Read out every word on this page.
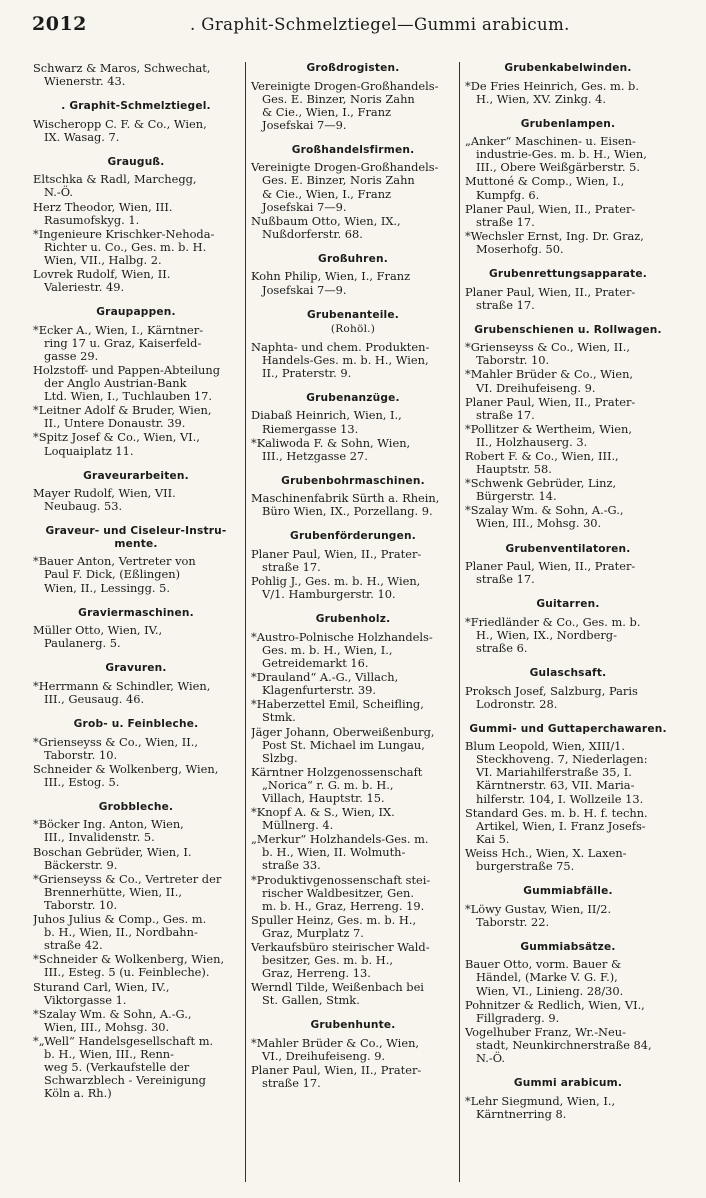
2012	. Graphit-Schmelztiegel—Gummi arabicum.
Schwarz & Maros, Schwechat,
Wienerstr. 43.
. Graphit-Schmelztiegel.
Wischeropp C. F. & Co., Wien,
IX. Wasag. 7.
Grauguß.
Eltschka & Radl, Marchegg,
N.-Ö.
Herz Theodor, Wien, III.
Rasumofskyg. 1.
*Ingenieure Krischker-Nehoda-
Richter u. Co., Ges. m. b. H.
Wien, VII., Halbg. 2.
Lovrek Rudolf, Wien, II.
Valeriestr. 49.
Graupappen.
*Ecker A., Wien, I., Kärntner-
ring 17 u. Graz, Kaiserfeld-
gasse 29.
Holzstoff- und Pappen-Abteilung
der Anglo Austrian-Bank
Ltd. Wien, I., Tuchlauben 17.
*Leitner Adolf & Bruder, Wien,
II., Untere Donaustr. 39.
*Spitz Josef & Co., Wien, VI.,
Loquaiplatz 11.
Graveurarbeiten.
Mayer Rudolf, Wien, VII.
Neubaug. 53.
Graveur- und Ciseleur-Instru-mente.
*Bauer Anton, Vertreter von
Paul F. Dick, (Eßlingen)
Wien, II., Lessingg. 5.
Graviermaschinen.
Müller Otto, Wien, IV.,
Paulanerg. 5.
Gravuren.
*Herrmann & Schindler, Wien,
III., Geusaug. 46.
Grob- u. Feinbleche.
*Grienseyss & Co., Wien, II.,
Taborstr. 10.
Schneider & Wolkenberg, Wien,
III., Estog. 5.
Grobbleche.
*Böcker Ing. Anton, Wien,
III., Invalidenstr. 5.
Boschan Gebrüder, Wien, I.
Bäckerstr. 9.
*Grienseyss & Co., Vertreter der
Brennerhütte, Wien, II.,
Taborstr. 10.
Juhos Julius & Comp., Ges. m.
b. H., Wien, II., Nordbahn-
straße 42.
*Schneider & Wolkenberg, Wien,
III., Esteg. 5 (u. Feinbleche).
Sturand Carl, Wien, IV.,
Viktorgasse 1.
*Szalay Wm. & Sohn, A.-G.,
Wien, III., Mohsg. 30.
*„Well“ Handelsgesellschaft m.
b. H., Wien, III., Renn-
weg 5. (Verkaufstelle der
Schwarzblech - Vereinigung
Köln a. Rh.)
Großdrogisten.
Vereinigte Drogen-Großhandels-
Ges. E. Binzer, Noris Zahn
& Cie., Wien, I., Franz
Josefskai 7—9.
Großhandelsfirmen.
Vereinigte Drogen-Großhandels-
Ges. E. Binzer, Noris Zahn
& Cie., Wien, I., Franz
Josefskai 7—9.
Nußbaum Otto, Wien, IX.,
Nußdorferstr. 68.
Großuhren.
Kohn Philip, Wien, I., Franz
Josefskai 7—9.
Grubenanteile.
(Rohöl.)
Naphta- und chem. Produkten-
Handels-Ges. m. b. H., Wien,
II., Praterstr. 9.
Grubenanzüge.
Diabaß Heinrich, Wien, I.,
Riemergasse 13.
*Kaliwoda F. & Sohn, Wien,
III., Hetzgasse 27.
Grubenbohrmaschinen.
Maschinenfabrik Sürth a. Rhein,
Büro Wien, IX., Porzellang. 9.
Grubenförderungen.
Planer Paul, Wien, II., Prater-
straße 17.
Pohlig J., Ges. m. b. H., Wien,
V/1. Hamburgerstr. 10.
Grubenholz.
*Austro-Polnische Holzhandels-
Ges. m. b. H., Wien, I.,
Getreidemarkt 16.
*Drauland“ A.-G., Villach,
Klagenfurterstr. 39.
*Haberzettel Emil, Scheifling,
Stmk.
Jäger Johann, Oberweißenburg,
Post St. Michael im Lungau,
Slzbg.
Kärntner Holzgenossenschaft
„Norica“ r. G. m. b. H.,
Villach, Hauptstr. 15.
*Knopf A. & S., Wien, IX.
Müllnerg. 4.
„Merkur“ Holzhandels-Ges. m.
b. H., Wien, II. Wolmuth-
straße 33.
*Produktivgenossenschaft stei-
rischer Waldbesitzer, Gen.
m. b. H., Graz, Herreng. 19.
Spuller Heinz, Ges. m. b. H.,
Graz, Murplatz 7.
Verkaufsbüro steirischer Wald-
besitzer, Ges. m. b. H.,
Graz, Herreng. 13.
Werndl Tilde, Weißenbach bei
St. Gallen, Stmk.
Grubenhunte.
*Mahler Brüder & Co., Wien,
VI., Dreihufeiseng. 9.
Planer Paul, Wien, II., Prater-
straße 17.
Grubenkabelwinden.
*De Fries Heinrich, Ges. m. b.
H., Wien, XV. Zinkg. 4.
Grubenlampen.
„Anker“ Maschinen- u. Eisen-
industrie-Ges. m. b. H., Wien,
III., Obere Weißgärberstr. 5.
Muttoné & Comp., Wien, I.,
Kumpfg. 6.
Planer Paul, Wien, II., Prater-
straße 17.
*Wechsler Ernst, Ing. Dr. Graz,
Moserhofg. 50.
Grubenrettungsapparate.
Planer Paul, Wien, II., Prater-
straße 17.
Grubenschienen u. Rollwagen.
*Grienseyss & Co., Wien, II.,
Taborstr. 10.
*Mahler Brüder & Co., Wien,
VI. Dreihufeiseng. 9.
Planer Paul, Wien, II., Prater-
straße 17.
*Pollitzer & Wertheim, Wien,
II., Holzhauserg. 3.
Robert F. & Co., Wien, III.,
Hauptstr. 58.
*Schwenk Gebrüder, Linz,
Bürgerstr. 14.
*Szalay Wm. & Sohn, A.-G.,
Wien, III., Mohsg. 30.
Grubenventilatoren.
Planer Paul, Wien, II., Prater-
straße 17.
Guitarren.
*Friedländer & Co., Ges. m. b.
H., Wien, IX., Nordberg-
straße 6.
Gulaschsaft.
Proksch Josef, Salzburg, Paris
Lodronstr. 28.
Gummi- und Guttaperchawaren.
Blum Leopold, Wien, XIII/1.
Steckhoveng. 7, Niederlagen:
VI. Mariahilferstraße 35, I.
Kärntnerstr. 63, VII. Maria-
hilferstr. 104, I. Wollzeile 13.
Standard Ges. m. b. H. f. techn.
Artikel, Wien, I. Franz Josefs-
Kai 5.
Weiss Hch., Wien, X. Laxen-
burgerstraße 75.
Gummiabfälle.
*Löwy Gustav, Wien, II/2.
Taborstr. 22.
Gummiabsätze.
Bauer Otto, vorm. Bauer &
Händel, (Marke V. G. F.),
Wien, VI., Linieng. 28/30.
Pohnitzer & Redlich, Wien, VI.,
Fillgraderg. 9.
Vogelhuber Franz, Wr.-Neu-
stadt, Neunkirchnerstraße 84,
N.-Ö.
Gummi arabicum.
*Lehr Siegmund, Wien, I.,
Kärntnerring 8.
